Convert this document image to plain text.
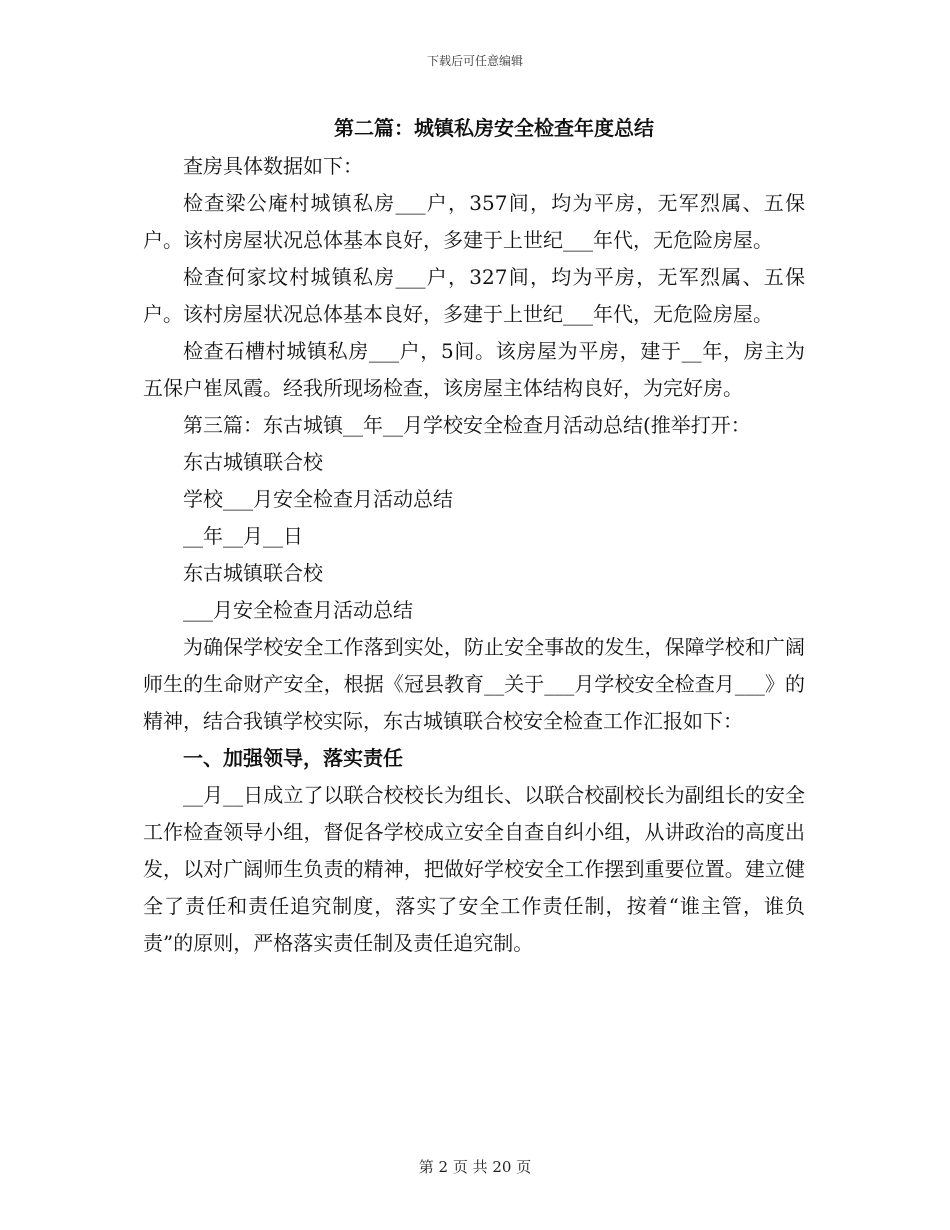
下载后可任意编辑
第二篇：城镇私房安全检查年度总结

查房具体数据如下：

检查梁公庵村城镇私房___户，357间，均为平房，无军烈属、五保户。该村房屋状况总体基本良好，多建于上世纪___年代，无危险房屋。

检查何家坟村城镇私房___户，327间，均为平房，无军烈属、五保户。该村房屋状况总体基本良好，多建于上世纪___年代，无危险房屋。

检查石槽村城镇私房___户，5间。该房屋为平房，建于__年，房主为五保户崔凤霞。经我所现场检查，该房屋主体结构良好，为完好房。

第三篇：东古城镇__年__月学校安全检查月活动总结(推举打开：

东古城镇联合校

学校___月安全检查月活动总结

__年__月__日

东古城镇联合校

___月安全检查月活动总结

为确保学校安全工作落到实处，防止安全事故的发生，保障学校和广阔师生的生命财产安全，根据《冠县教育__关于___月学校安全检查月___》的精神，结合我镇学校实际，东古城镇联合校安全检查工作汇报如下：

一、加强领导，落实责任

__月__日成立了以联合校校长为组长、以联合校副校长为副组长的安全工作检查领导小组，督促各学校成立安全自查自纠小组，从讲政治的高度出发，以对广阔师生负责的精神，把做好学校安全工作摆到重要位置。建立健全了责任和责任追究制度，落实了安全工作责任制，按着“谁主管，谁负责”的原则，严格落实责任制及责任追究制。

第 2 页 共 20 页
